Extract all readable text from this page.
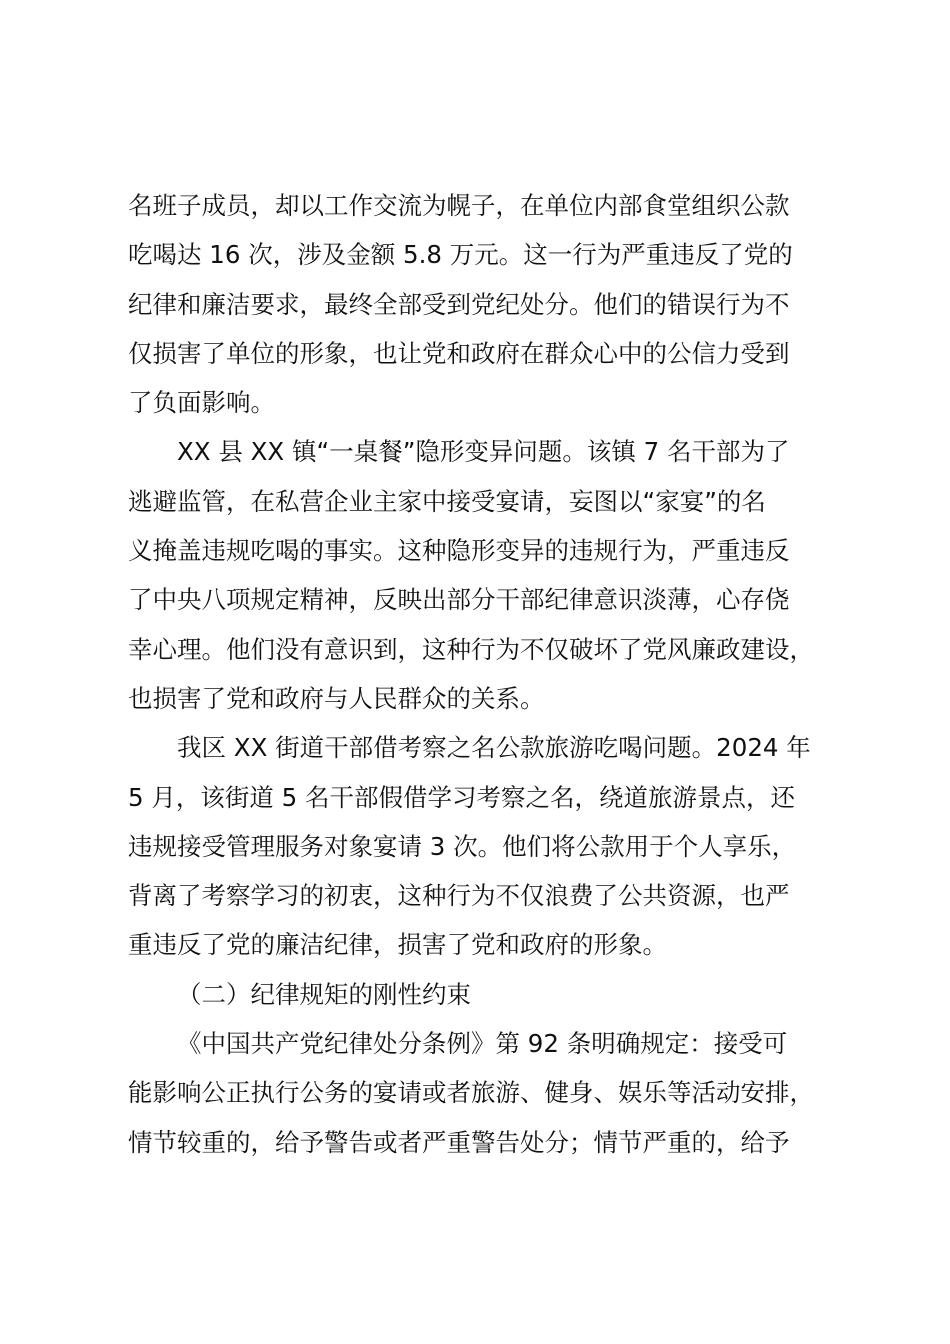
名班子成员，却以工作交流为幌子，在单位内部食堂组织公款
吃喝达 16 次，涉及金额 5.8 万元。这一行为严重违反了党的
纪律和廉洁要求，最终全部受到党纪处分。他们的错误行为不
仅损害了单位的形象，也让党和政府在群众心中的公信力受到
了负面影响。
XX 县 XX 镇“一桌餐”隐形变异问题。该镇 7 名干部为了
逃避监管，在私营企业主家中接受宴请，妄图以“家宴”的名
义掩盖违规吃喝的事实。这种隐形变异的违规行为，严重违反
了中央八项规定精神，反映出部分干部纪律意识淡薄，心存侥
幸心理。他们没有意识到，这种行为不仅破坏了党风廉政建设，
也损害了党和政府与人民群众的关系。
我区 XX 街道干部借考察之名公款旅游吃喝问题。2024 年
5 月，该街道 5 名干部假借学习考察之名，绕道旅游景点，还
违规接受管理服务对象宴请 3 次。他们将公款用于个人享乐，
背离了考察学习的初衷，这种行为不仅浪费了公共资源，也严
重违反了党的廉洁纪律，损害了党和政府的形象。
（二）纪律规矩的刚性约束
《中国共产党纪律处分条例》第 92 条明确规定：接受可
能影响公正执行公务的宴请或者旅游、健身、娱乐等活动安排，
情节较重的，给予警告或者严重警告处分；情节严重的，给予
